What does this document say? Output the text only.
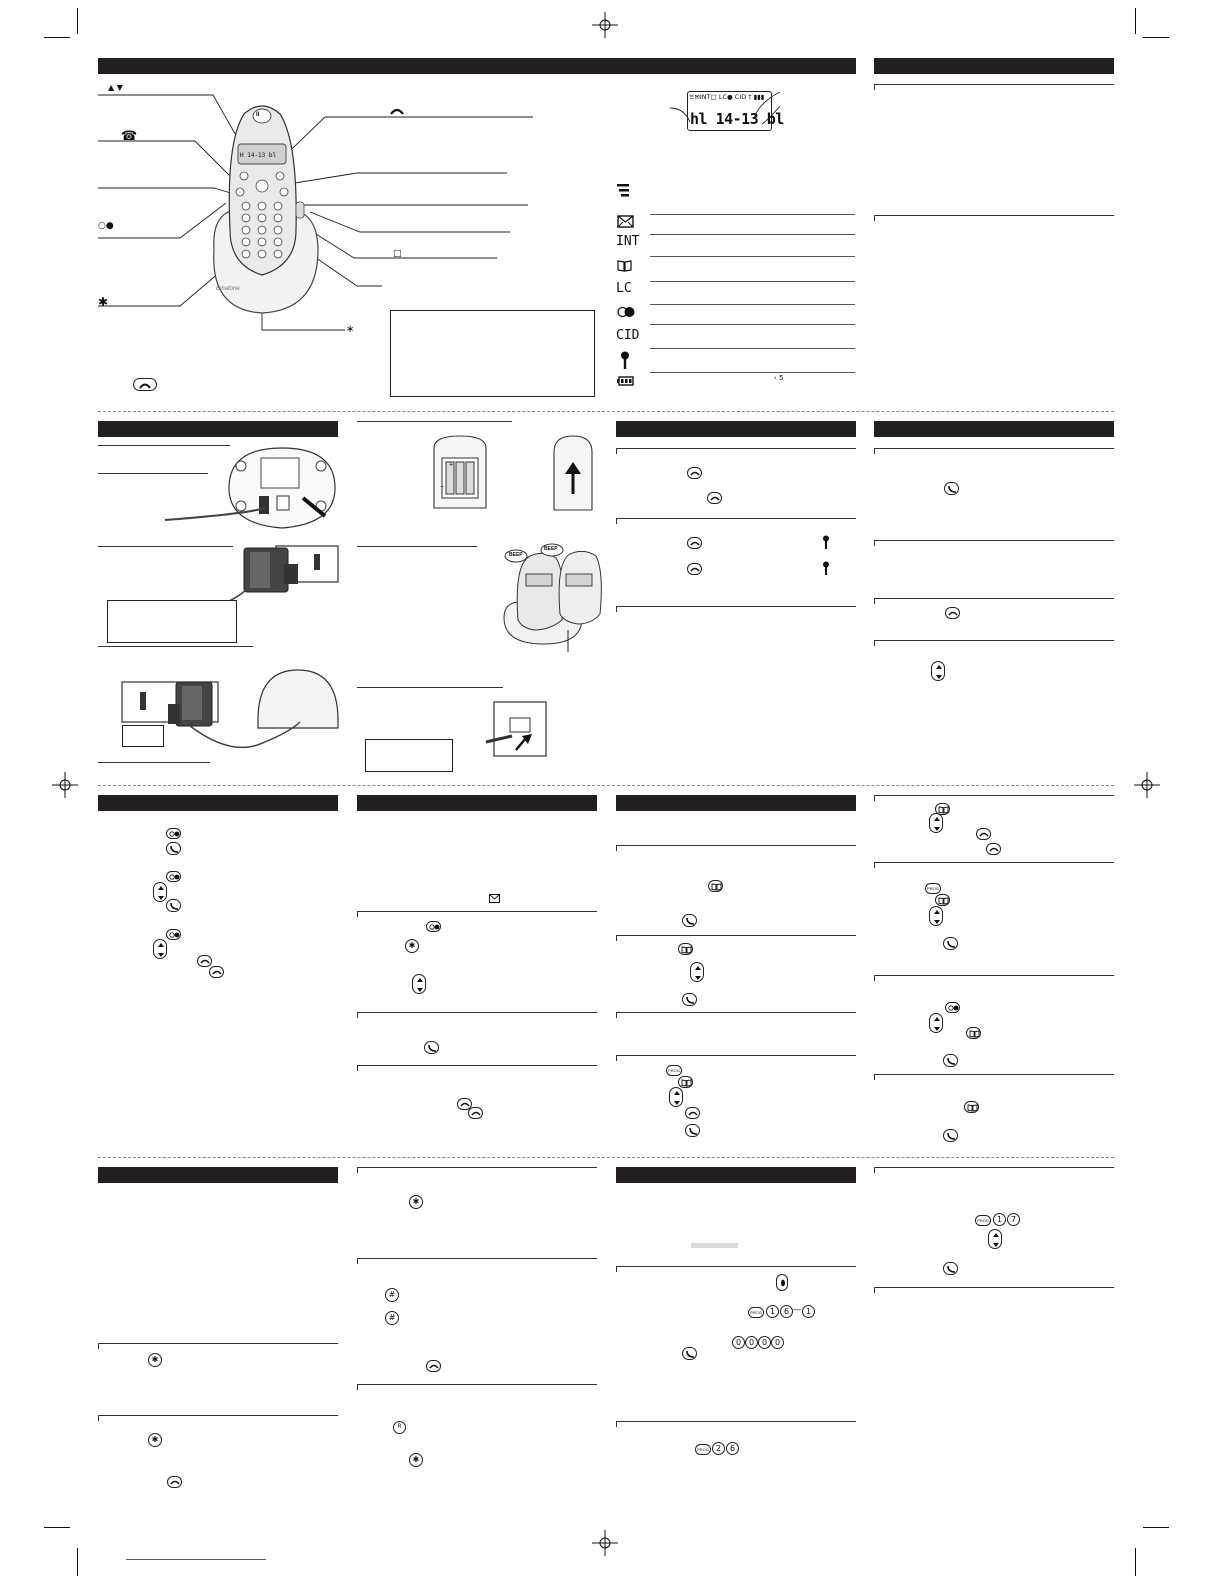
▲ ▼
☎
○●
✱
∗
□
H 14-13 bl
II
Binatone
≡✉INT□ LC● CID † ▮▮▮
hl 14-13 bl
INT
LC
CID
‹ 5
+
−
BEEP
BEEP
✱
✱
✱
✱
✱
#
#
R
PROG
PROG
PROG	1	6 — 1
0 0 0 0
PROG 2	6
PROG	1	7
